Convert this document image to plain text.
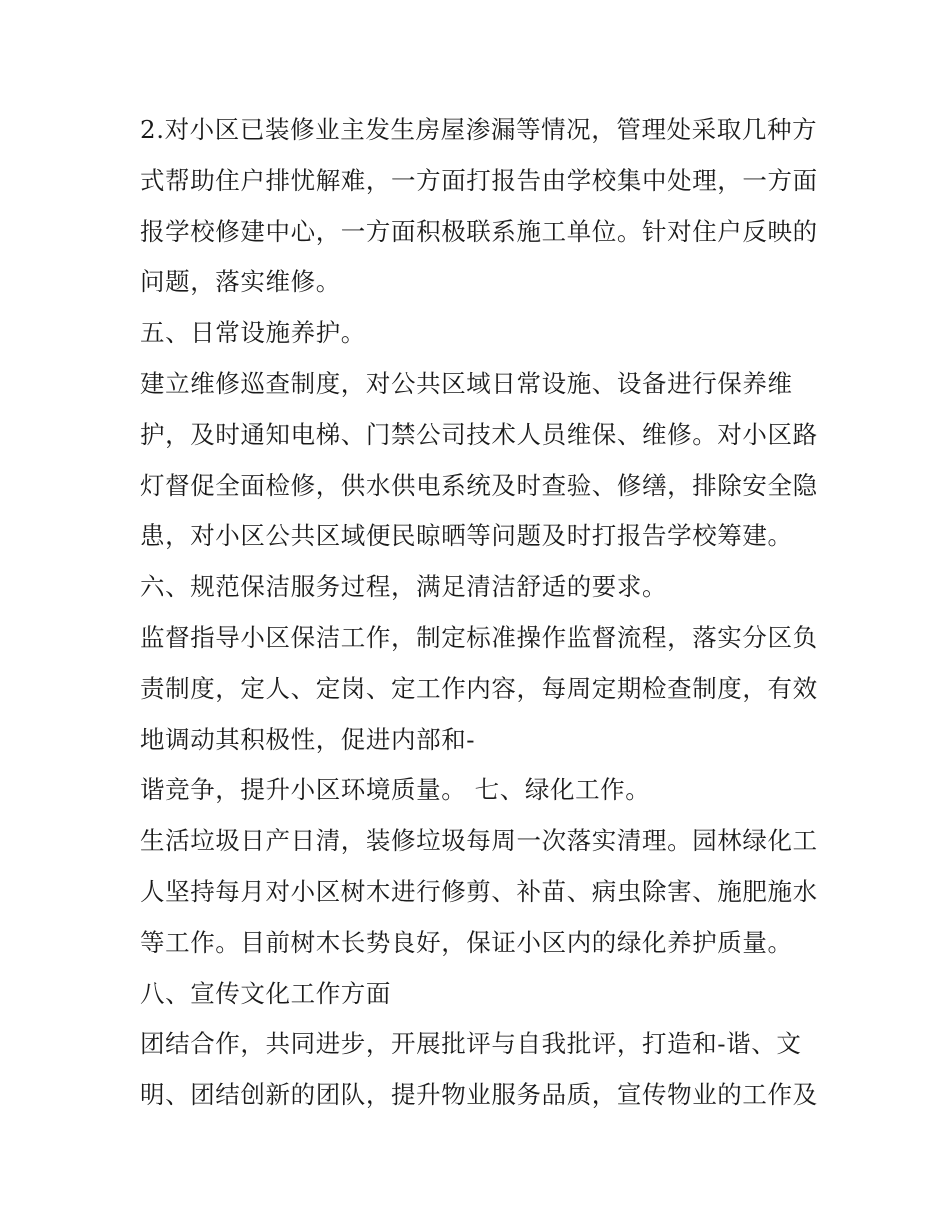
2.对小区已装修业主发生房屋渗漏等情况，管理处采取几种方
式帮助住户排忧解难，一方面打报告由学校集中处理，一方面
报学校修建中心，一方面积极联系施工单位。针对住户反映的
问题，落实维修。
五、日常设施养护。
建立维修巡查制度，对公共区域日常设施、设备进行保养维
护，及时通知电梯、门禁公司技术人员维保、维修。对小区路
灯督促全面检修，供水供电系统及时查验、修缮，排除安全隐
患，对小区公共区域便民晾晒等问题及时打报告学校筹建。
六、规范保洁服务过程，满足清洁舒适的要求。
监督指导小区保洁工作，制定标准操作监督流程，落实分区负
责制度，定人、定岗、定工作内容，每周定期检查制度，有效
地调动其积极性，促进内部和-
谐竞争，提升小区环境质量。 七、绿化工作。
生活垃圾日产日清，装修垃圾每周一次落实清理。园林绿化工
人坚持每月对小区树木进行修剪、补苗、病虫除害、施肥施水
等工作。目前树木长势良好，保证小区内的绿化养护质量。
八、宣传文化工作方面
团结合作，共同进步，开展批评与自我批评，打造和-谐、文
明、团结创新的团队，提升物业服务品质，宣传物业的工作及
